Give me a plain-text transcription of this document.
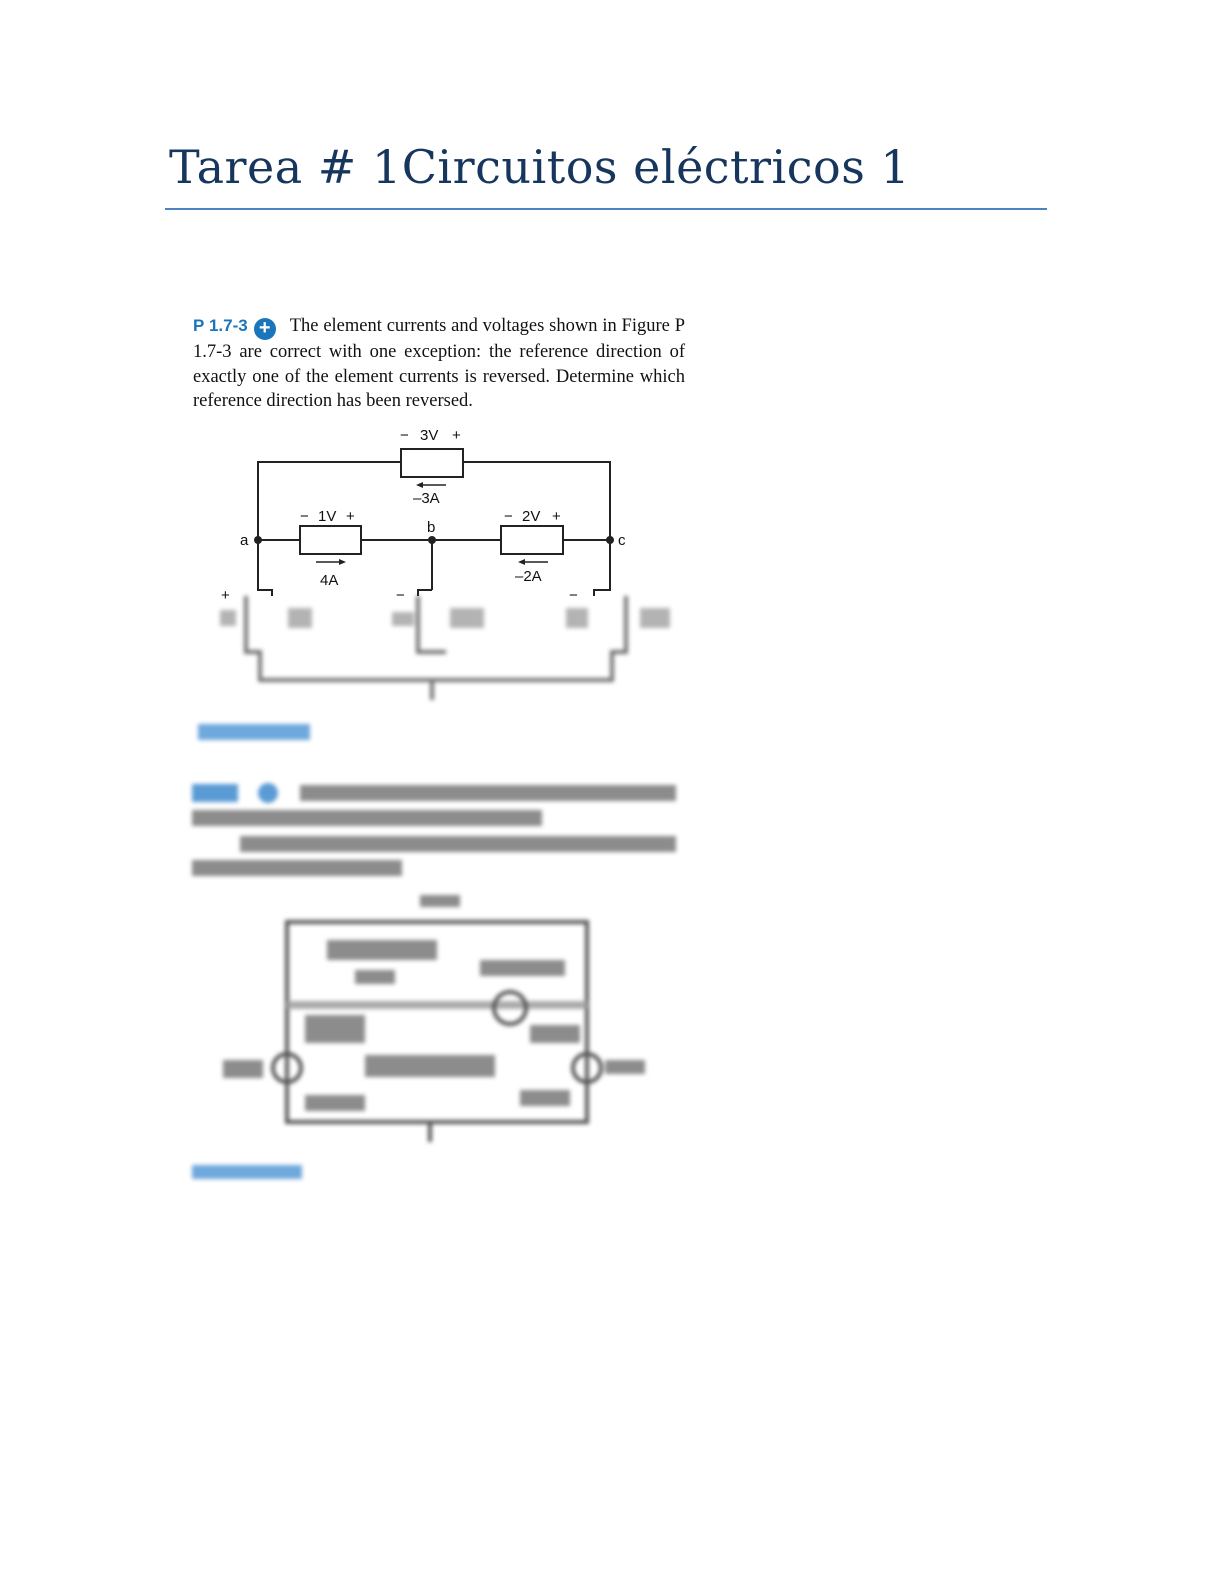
Tarea # 1Circuitos eléctricos 1
P 1.7-3 + The element currents and voltages shown in Figure P 1.7-3 are correct with one exception: the reference direction of exactly one of the element currents is reversed. Determine which reference direction has been reversed.
− 3V +
–3A
− 1V +
4A
− 2V +
–2A
a
b
c
+	−	−
